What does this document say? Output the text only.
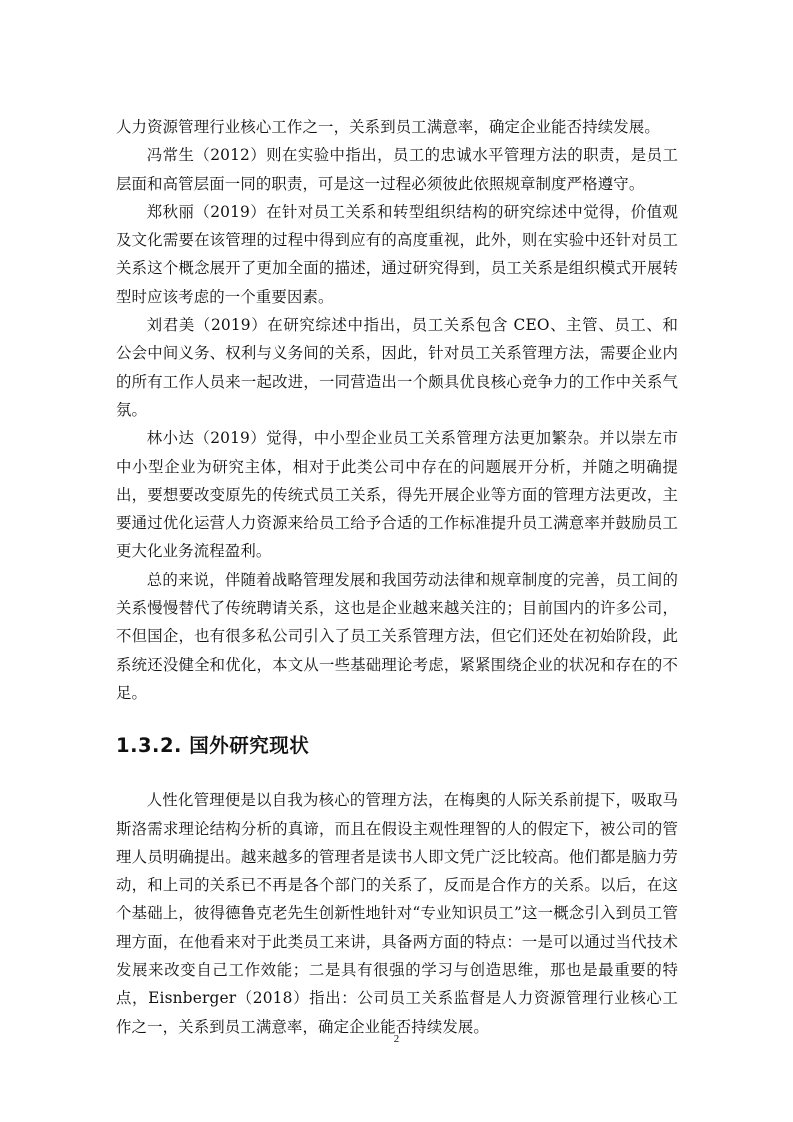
人力资源管理行业核心工作之一，关系到员工满意率，确定企业能否持续发展。

冯常生（2012）则在实验中指出，员工的忠诚水平管理方法的职责，是员工层面和高管层面一同的职责，可是这一过程必须彼此依照规章制度严格遵守。

郑秋丽（2019）在针对员工关系和转型组织结构的研究综述中觉得，价值观及文化需要在该管理的过程中得到应有的高度重视，此外，则在实验中还针对员工关系这个概念展开了更加全面的描述，通过研究得到，员工关系是组织模式开展转型时应该考虑的一个重要因素。

刘君美（2019）在研究综述中指出，员工关系包含 CEO、主管、员工、和公会中间义务、权利与义务间的关系，因此，针对员工关系管理方法，需要企业内的所有工作人员来一起改进，一同营造出一个颇具优良核心竞争力的工作中关系气氛。

林小达（2019）觉得，中小型企业员工关系管理方法更加繁杂。并以崇左市中小型企业为研究主体，相对于此类公司中存在的问题展开分析，并随之明确提出，要想要改变原先的传统式员工关系，得先开展企业等方面的管理方法更改，主要通过优化运营人力资源来给员工给予合适的工作标准提升员工满意率并鼓励员工更大化业务流程盈利。

总的来说，伴随着战略管理发展和我国劳动法律和规章制度的完善，员工间的关系慢慢替代了传统聘请关系，这也是企业越来越关注的；目前国内的许多公司，不但国企，也有很多私公司引入了员工关系管理方法，但它们还处在初始阶段，此系统还没健全和优化，本文从一些基础理论考虑，紧紧围绕企业的状况和存在的不足。

1.3.2. 国外研究现状

人性化管理便是以自我为核心的管理方法，在梅奥的人际关系前提下，吸取马斯洛需求理论结构分析的真谛，而且在假设主观性理智的人的假定下，被公司的管理人员明确提出。越来越多的管理者是读书人即文凭广泛比较高。他们都是脑力劳动，和上司的关系已不再是各个部门的关系了，反而是合作方的关系。以后，在这个基础上，彼得德鲁克老先生创新性地针对“专业知识员工”这一概念引入到员工管理方面，在他看来对于此类员工来讲，具备两方面的特点：一是可以通过当代技术发展来改变自己工作效能；二是具有很强的学习与创造思维，那也是最重要的特点，Eisnberger（2018）指出：公司员工关系监督是人力资源管理行业核心工作之一，关系到员工满意率，确定企业能否持续发展。

2
